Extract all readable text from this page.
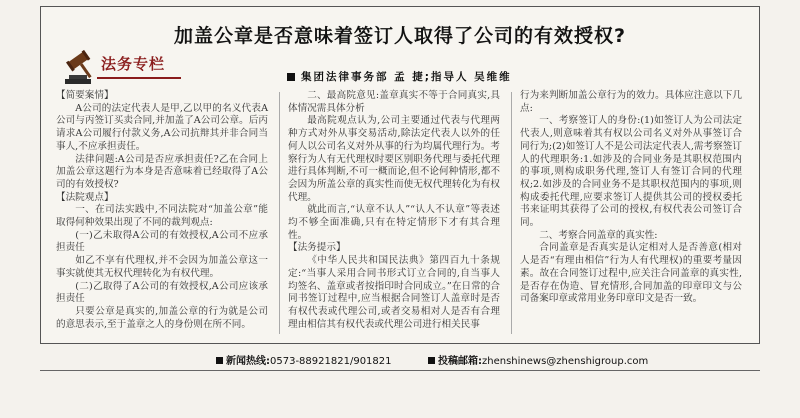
加盖公章是否意味着签订人取得了公司的有效授权?
法务专栏
集团法律事务部 孟 捷;指导人 吴维维

【简要案情】

A公司的法定代表人是甲,乙以甲的名义代表A公司与丙签订买卖合同,并加盖了A公司公章。后丙请求A公司履行付款义务,A公司抗辩其并非合同当事人,不应承担责任。

法律问题:A公司是否应承担责任?乙在合同上加盖公章这题行为本身是否意味着已经取得了A公司的有效授权?

【法院观点】

一、在司法实践中,不同法院对“加盖公章”能取得何种效果出现了不同的裁判观点:

(一)乙未取得A公司的有效授权,A公司不应承担责任

如乙不享有代理权,并不会因为加盖公章这一事实就使其无权代理转化为有权代理。

(二)乙取得了A公司的有效授权,A公司应该承担责任

只要公章是真实的,加盖公章的行为就是公司的意思表示,至于盖章之人的身份则在所不同。

二、最高院意见:盖章真实不等于合同真实,具体情况需具体分析

最高院观点认为,公司主要通过代表与代理两种方式对外从事交易活动,除法定代表人以外的任何人以公司名义对外从事的行为均属代理行为。考察行为人有无代理权时要区别职务代理与委托代理进行具体判断,不可一概而论,但不论何种情形,都不会因为所盖公章的真实性而使无权代理转化为有权代理。

就此而言,“认章不认人”“认人不认章”等表述均不够全面准确,只有在特定情形下才有其合理性。

【法务提示】

《中华人民共和国民法典》第四百九十条规定:“当事人采用合同书形式订立合同的,自当事人均签名、盖章或者按指印时合同成立。”在日常的合同书签订过程中,应当根据合同签订人盖章时是否有权代表或代理公司,或者交易相对人是否有合理理由相信其有权代表或代理公司进行相关民事

行为来判断加盖公章行为的效力。具体应注意以下几点:

一、考察签订人的身份:(1)如签订人为公司法定代表人,则意味着其有权以公司名义对外从事签订合同行为;(2)如签订人不是公司法定代表人,需考察签订人的代理职务:1.如涉及的合同业务是其职权范围内的事项,则构成职务代理,签订人有签订合同的代理权;2.如涉及的合同业务不是其职权范围内的事项,则构成委托代理,应要求签订人提供其公司的授权委托书来证明其获得了公司的授权,有权代表公司签订合同。

二、考察合同盖章的真实性:

合同盖章是否真实是认定相对人是否善意(相对人是否“有理由相信”行为人有代理权)的重要考量因素。故在合同签订过程中,应关注合同盖章的真实性,是否存在伪造、冒充情形,合同加盖的印章印文与公司备案印章或常用业务印章印文是否一致。

新闻热线:0573-88921821/901821	投稿邮箱:zhenshinews@zhenshigroup.com
